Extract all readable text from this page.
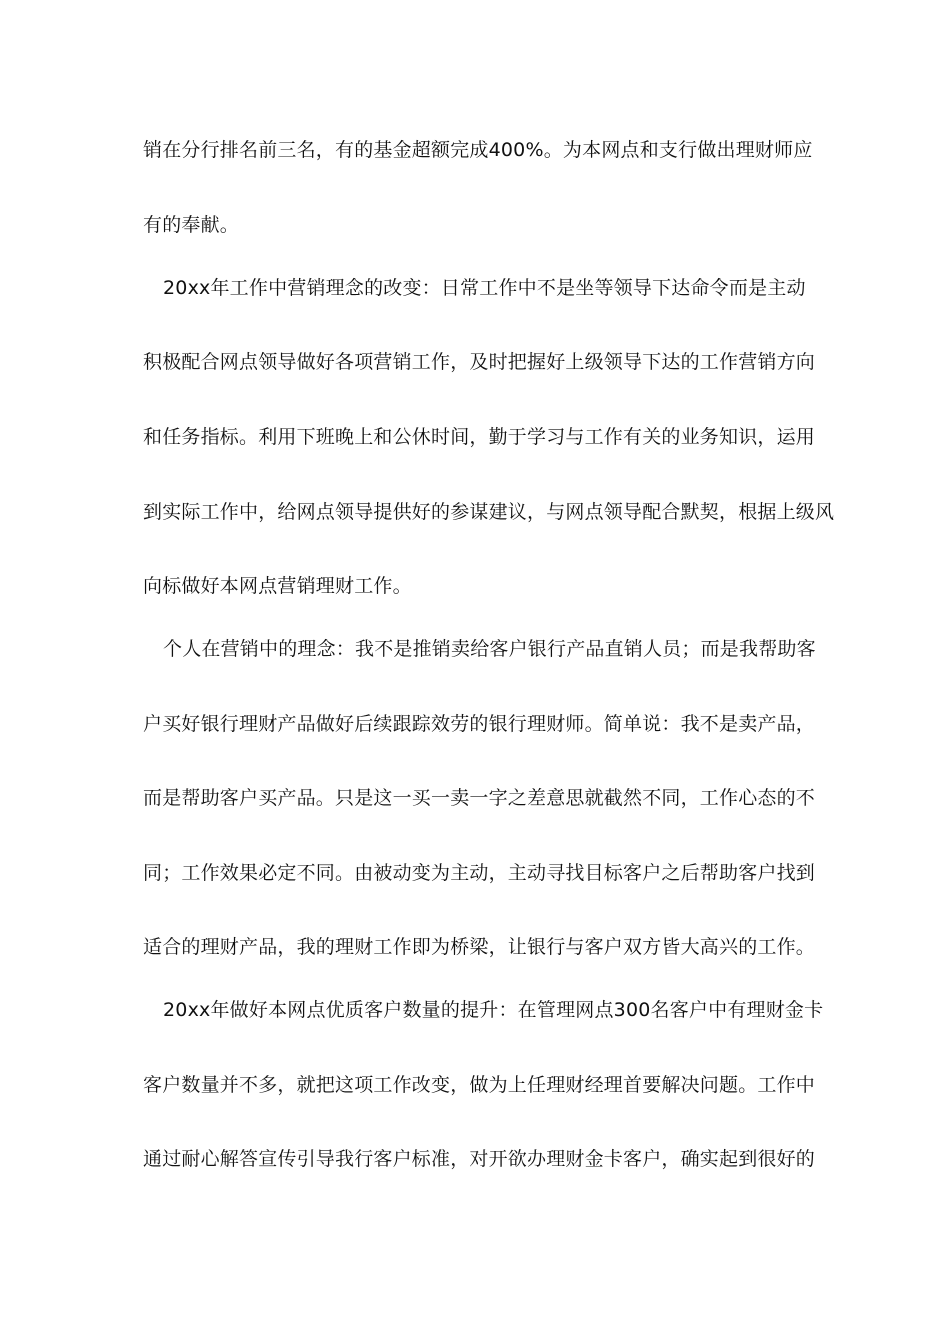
销在分行排名前三名，有的基金超额完成400%。为本网点和支行做出理财师应
有的奉献。
20xx年工作中营销理念的改变：日常工作中不是坐等领导下达命令而是主动
积极配合网点领导做好各项营销工作，及时把握好上级领导下达的工作营销方向
和任务指标。利用下班晚上和公休时间，勤于学习与工作有关的业务知识，运用
到实际工作中，给网点领导提供好的参谋建议，与网点领导配合默契，根据上级风
向标做好本网点营销理财工作。
个人在营销中的理念：我不是推销卖给客户银行产品直销人员；而是我帮助客
户买好银行理财产品做好后续跟踪效劳的银行理财师。简单说：我不是卖产品，
而是帮助客户买产品。只是这一买一卖一字之差意思就截然不同，工作心态的不
同；工作效果必定不同。由被动变为主动，主动寻找目标客户之后帮助客户找到
适合的理财产品，我的理财工作即为桥梁，让银行与客户双方皆大高兴的工作。
20xx年做好本网点优质客户数量的提升：在管理网点300名客户中有理财金卡
客户数量并不多，就把这项工作改变，做为上任理财经理首要解决问题。工作中
通过耐心解答宣传引导我行客户标准，对开欲办理财金卡客户，确实起到很好的
